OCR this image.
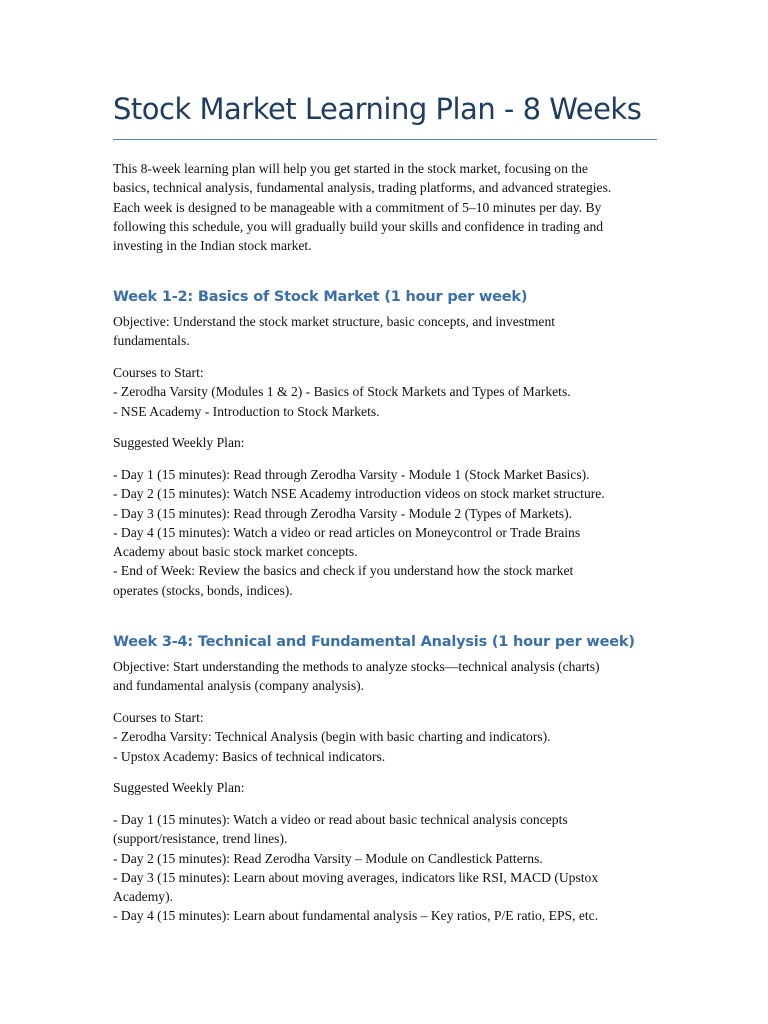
Stock Market Learning Plan - 8 Weeks

This 8-week learning plan will help you get started in the stock market, focusing on the
basics, technical analysis, fundamental analysis, trading platforms, and advanced strategies.
Each week is designed to be manageable with a commitment of 5–10 minutes per day. By
following this schedule, you will gradually build your skills and confidence in trading and
investing in the Indian stock market.

Week 1-2: Basics of Stock Market (1 hour per week)

Objective: Understand the stock market structure, basic concepts, and investment
fundamentals.

Courses to Start:
- Zerodha Varsity (Modules 1 & 2) - Basics of Stock Markets and Types of Markets.
- NSE Academy - Introduction to Stock Markets.

Suggested Weekly Plan:

- Day 1 (15 minutes): Read through Zerodha Varsity - Module 1 (Stock Market Basics).
- Day 2 (15 minutes): Watch NSE Academy introduction videos on stock market structure.
- Day 3 (15 minutes): Read through Zerodha Varsity - Module 2 (Types of Markets).
- Day 4 (15 minutes): Watch a video or read articles on Moneycontrol or Trade Brains
Academy about basic stock market concepts.
- End of Week: Review the basics and check if you understand how the stock market
operates (stocks, bonds, indices).

Week 3-4: Technical and Fundamental Analysis (1 hour per week)

Objective: Start understanding the methods to analyze stocks—technical analysis (charts)
and fundamental analysis (company analysis).

Courses to Start:
- Zerodha Varsity: Technical Analysis (begin with basic charting and indicators).
- Upstox Academy: Basics of technical indicators.

Suggested Weekly Plan:

- Day 1 (15 minutes): Watch a video or read about basic technical analysis concepts
(support/resistance, trend lines).
- Day 2 (15 minutes): Read Zerodha Varsity – Module on Candlestick Patterns.
- Day 3 (15 minutes): Learn about moving averages, indicators like RSI, MACD (Upstox
Academy).
- Day 4 (15 minutes): Learn about fundamental analysis – Key ratios, P/E ratio, EPS, etc.
